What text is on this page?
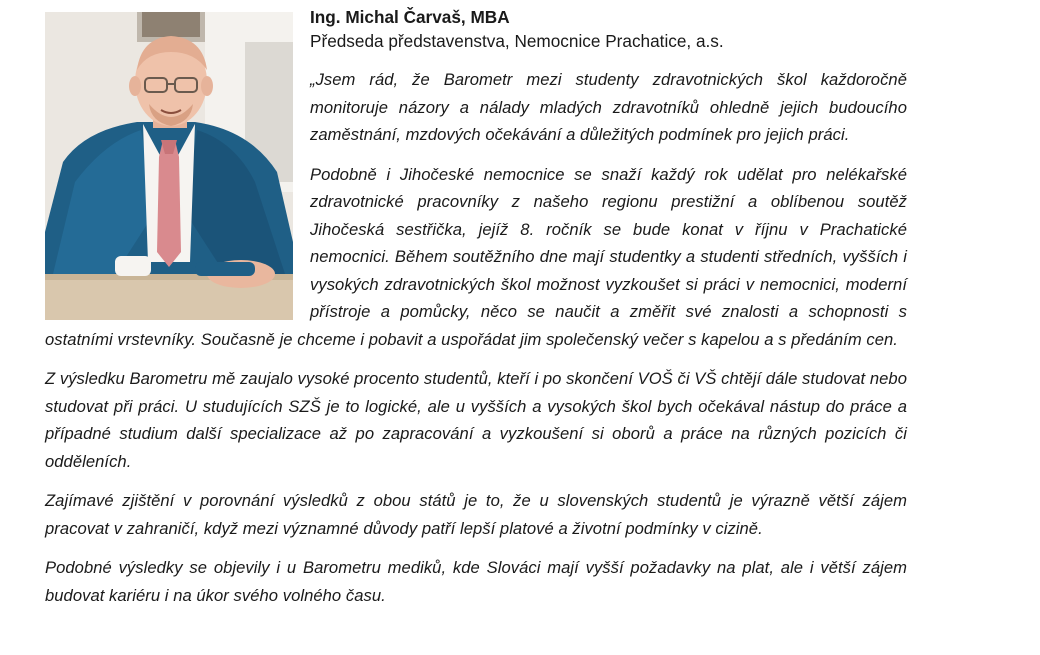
Ing. Michal Čarvaš, MBA

Předseda představenstva, Nemocnice Prachatice, a.s.

„Jsem rád, že Barometr mezi studenty zdravotnických škol každoročně monitoruje názory a nálady mladých zdravotníků ohledně jejich budoucího zaměstnání, mzdových očekávání a důležitých podmínek pro jejich práci.

Podobně i Jihočeské nemocnice se snaží každý rok udělat pro nelékařské zdravotnické pracovníky z našeho regionu prestižní a oblíbenou soutěž Jihočeská sestřička, jejíž 8. ročník se bude konat v říjnu v Prachatické nemocnici. Během soutěžního dne mají studentky a studenti středních, vyšších i vysokých zdravotnických škol možnost vyzkoušet si práci v nemocnici, moderní přístroje a pomůcky, něco se naučit a změřit své znalosti a schopnosti s ostatními vrstevníky. Současně je chceme i pobavit a uspořádat jim společenský večer s kapelou a s předáním cen.

Z výsledku Barometru mě zaujalo vysoké procento studentů, kteří i po skončení VOŠ či VŠ chtějí dále studovat nebo studovat při práci. U studujících SZŠ je to logické, ale u vyšších a vysokých škol bych očekával nástup do práce a případné studium další specializace až po zapracování a vyzkoušení si oborů a práce na různých pozicích či odděleních.

Zajímavé zjištění v porovnání výsledků z obou států je to, že u slovenských studentů je výrazně větší zájem pracovat v zahraničí, když mezi významné důvody patří lepší platové a životní podmínky v cizině.

Podobné výsledky se objevily i u Barometru mediků, kde Slováci mají vyšší požadavky na plat, ale i větší zájem budovat kariéru i na úkor svého volného času.
